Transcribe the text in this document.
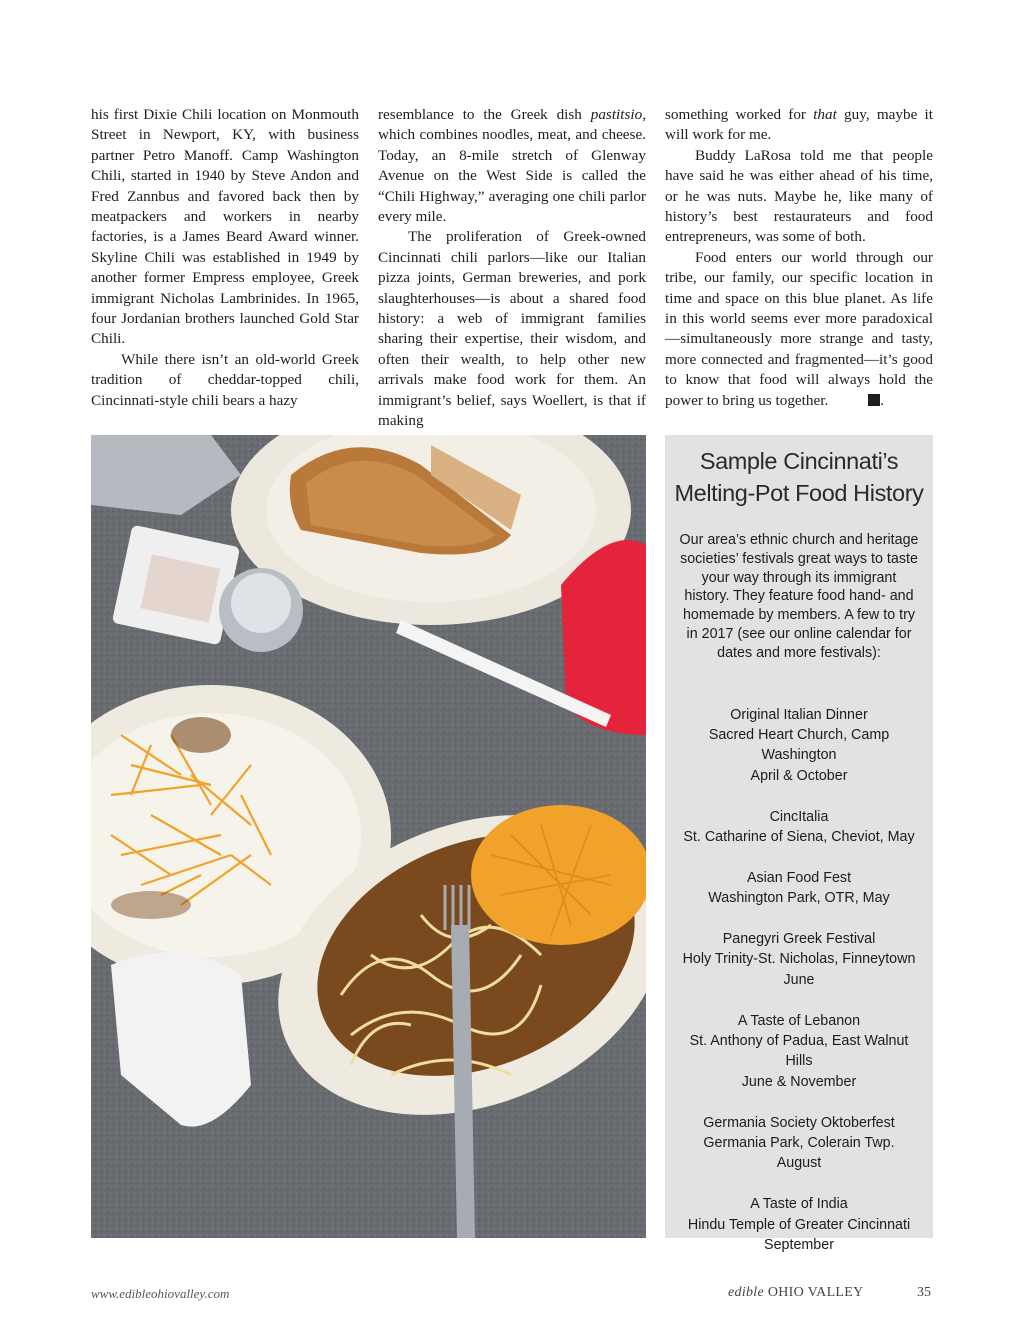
his first Dixie Chili location on Monmouth Street in Newport, KY, with business partner Petro Manoff. Camp Washington Chili, started in 1940 by Steve Andon and Fred Zannbus and favored back then by meatpackers and workers in nearby factories, is a James Beard Award winner. Skyline Chili was established in 1949 by another former Empress employee, Greek immigrant Nicholas Lambrinides. In 1965, four Jordanian brothers launched Gold Star Chili.

While there isn’t an old-world Greek tradition of cheddar-topped chili, Cincinnati-style chili bears a hazy

resemblance to the Greek dish pastitsio, which combines noodles, meat, and cheese. Today, an 8-mile stretch of Glenway Avenue on the West Side is called the “Chili Highway,” averaging one chili parlor every mile.

The proliferation of Greek-owned Cincinnati chili parlors—like our Italian pizza joints, German breweries, and pork slaughterhouses—is about a shared food history: a web of immigrant families sharing their expertise, their wisdom, and often their wealth, to help other new arrivals make food work for them. An immigrant’s belief, says Woellert, is that if making

something worked for that guy, maybe it will work for me.

Buddy LaRosa told me that people have said he was either ahead of his time, or he was nuts. Maybe he, like many of history’s best restaurateurs and food entrepreneurs, was some of both.

Food enters our world through our tribe, our family, our specific location in time and space on this blue planet. As life in this world seems ever more paradoxical—simultaneously more strange and tasty, more connected and fragmented—it’s good to know that food will always hold the power to bring us together.	.

Sample Cincinnati’s
Melting-Pot Food History

Our area’s ethnic church and heritage societies’ festivals great ways to taste your way through its immigrant history. They feature food hand- and homemade by members. A few to try in 2017 (see our online calendar for dates and more festivals):

Original Italian Dinner
Sacred Heart Church, Camp Washington
April & October
CincItalia
St. Catharine of Siena, Cheviot, May
Asian Food Fest
Washington Park, OTR, May
Panegyri Greek Festival
Holy Trinity-St. Nicholas, Finneytown
June
A Taste of Lebanon
St. Anthony of Padua, East Walnut Hills
June & November
Germania Society Oktoberfest
Germania Park, Colerain Twp.
August
A Taste of India
Hindu Temple of Greater Cincinnati
September
www.edibleohiovalley.com	edible OHIO VALLEY	35
